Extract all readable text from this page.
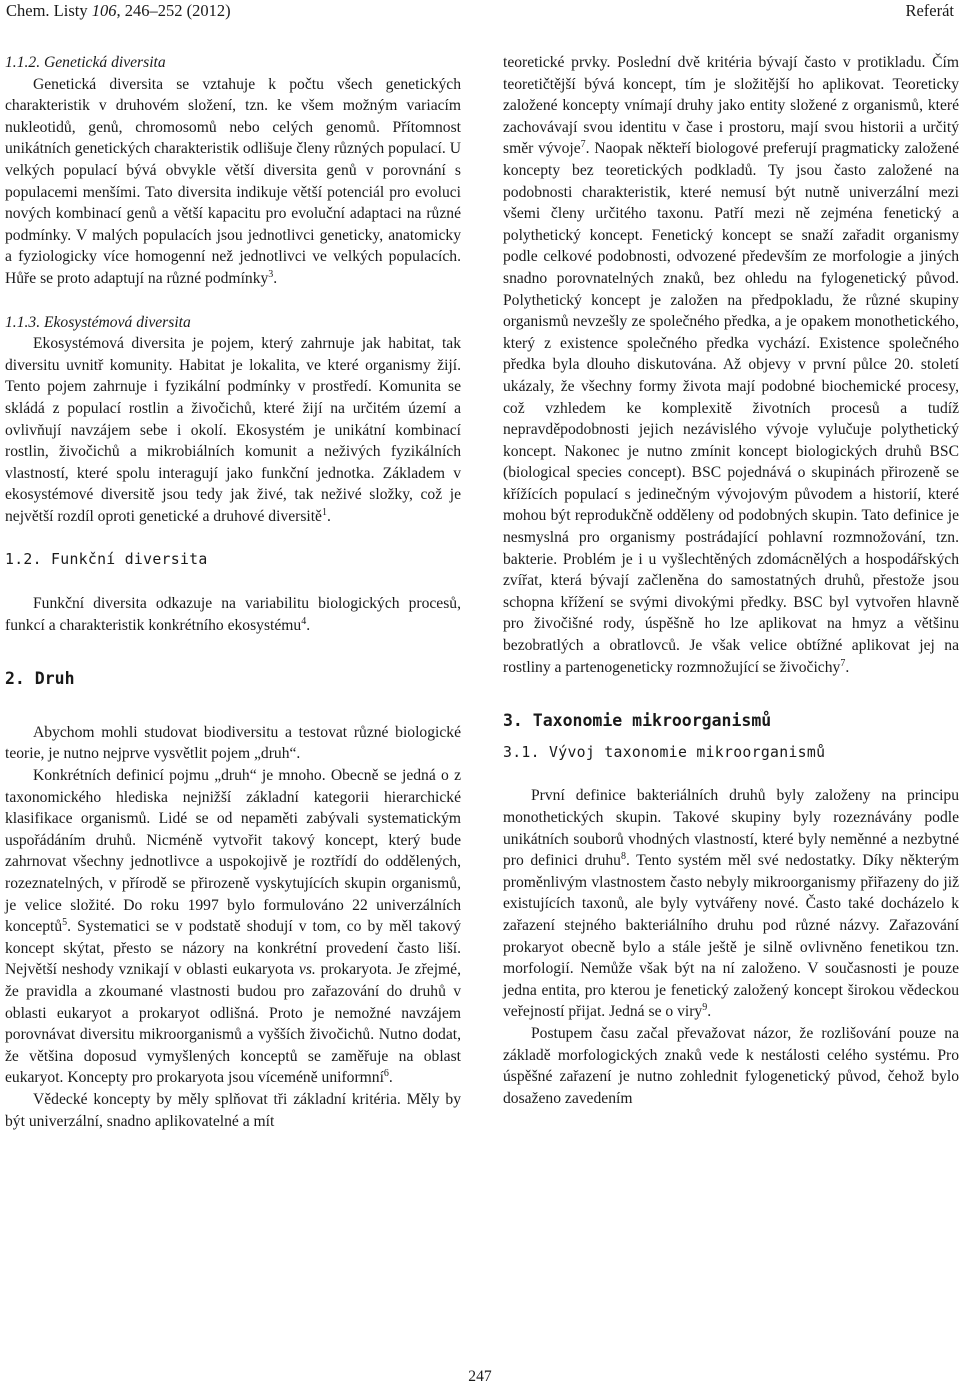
Chem. Listy 106, 246–252 (2012)	Referát

1.1.2. Genetická diversita

Genetická diversita se vztahuje k počtu všech genetických charakteristik v druhovém složení, tzn. ke všem možným variacím nukleotidů, genů, chromosomů nebo celých genomů. Přítomnost unikátních genetických charakteristik odlišuje členy různých populací. U velkých populací bývá obvykle větší diversita genů v porovnání s populacemi menšími. Tato diversita indikuje větší potenciál pro evoluci nových kombinací genů a větší kapacitu pro evoluční adaptaci na různé podmínky. V malých populacích jsou jednotlivci geneticky, anatomicky a fyziologicky více homogenní než jednotlivci ve velkých populacích. Hůře se proto adaptují na různé podmínky$^3$.

1.1.3. Ekosystémová diversita

Ekosystémová diversita je pojem, který zahrnuje jak habitat, tak diversitu uvnitř komunity. Habitat je lokalita, ve které organismy žijí. Tento pojem zahrnuje i fyzikální podmínky v prostředí. Komunita se skládá z populací rostlin a živočichů, které žijí na určitém území a ovlivňují navzájem sebe i okolí. Ekosystém je unikátní kombinací rostlin, živočichů a mikrobiálních komunit a neživých fyzikálních vlastností, které spolu interagují jako funkční jednotka. Základem v ekosystémové diversitě jsou tedy jak živé, tak neživé složky, což je největší rozdíl oproti genetické a druhové diversitě$^1$.

1.2. Funkční diversita

Funkční diversita odkazuje na variabilitu biologických procesů, funkcí a charakteristik konkrétního ekosystému$^4$.

2. Druh

Abychom mohli studovat biodiversitu a testovat různé biologické teorie, je nutno nejprve vysvětlit pojem „druh“.

Konkrétních definicí pojmu „druh“ je mnoho. Obecně se jedná o z taxonomického hlediska nejnižší základní kategorii hierarchické klasifikace organismů. Lidé se od nepaměti zabývali systematickým uspořádáním druhů. Nicméně vytvořit takový koncept, který bude zahrnovat všechny jednotlivce a uspokojivě je roztřídí do oddělených, rozeznatelných, v přírodě se přirozeně vyskytujících skupin organismů, je velice složité. Do roku 1997 bylo formulováno 22 univerzálních konceptů$^5$. Systematici se v podstatě shodují v tom, co by měl takový koncept skýtat, přesto se názory na konkrétní provedení často liší. Největší neshody vznikají v oblasti eukaryota vs. prokaryota. Je zřejmé, že pravidla a zkoumané vlastnosti budou pro zařazování do druhů v oblasti eukaryot a prokaryot odlišná. Proto je nemožné navzájem porovnávat diversitu mikroorganismů a vyšších živočichů. Nutno dodat, že většina doposud vymyšlených konceptů se zaměřuje na oblast eukaryot. Koncepty pro prokaryota jsou víceméně uniformní$^6$.

Vědecké koncepty by měly splňovat tři základní kritéria. Měly by být univerzální, snadno aplikovatelné a mít

teoretické prvky. Poslední dvě kritéria bývají často v protikladu. Čím teoretičtější bývá koncept, tím je složitější ho aplikovat. Teoreticky založené koncepty vnímají druhy jako entity složené z organismů, které zachovávají svou identitu v čase i prostoru, mají svou historii a určitý směr vývoje$^7$. Naopak někteří biologové preferují pragmaticky založené koncepty bez teoretických podkladů. Ty jsou často založené na podobnosti charakteristik, které nemusí být nutně univerzální mezi všemi členy určitého taxonu. Patří mezi ně zejména fenetický a polythetický koncept. Fenetický koncept se snaží zařadit organismy podle celkové podobnosti, odvozené především ze morfologie a jiných snadno porovnatelných znaků, bez ohledu na fylogenetický původ. Polythetický koncept je založen na předpokladu, že různé skupiny organismů nevzešly ze společného předka, a je opakem monothetického, který z existence společného předka vychází. Existence společného předka byla dlouho diskutována. Až objevy v první půlce 20. století ukázaly, že všechny formy života mají podobné biochemické procesy, což vzhledem ke komplexitě životních procesů a tudíž nepravděpodobnosti jejich nezávislého vývoje vylučuje polythetický koncept. Nakonec je nutno zmínit koncept biologických druhů BSC (biological species concept). BSC pojednává o skupinách přirozeně se křížících populací s jedinečným vývojovým původem a historií, které mohou být reprodukčně odděleny od podobných skupin. Tato definice je nesmyslná pro organismy postrádající pohlavní rozmnožování, tzn. bakterie. Problém je i u vyšlechtěných zdomácnělých a hospodářských zvířat, která bývají začleněna do samostatných druhů, přestože jsou schopna křížení se svými divokými předky. BSC byl vytvořen hlavně pro živočišné rody, úspěšně ho lze aplikovat na hmyz a většinu bezobratlých a obratlovců. Je však velice obtížné aplikovat jej na rostliny a partenogeneticky rozmnožující se živočichy$^7$.

3. Taxonomie mikroorganismů

3.1. Vývoj taxonomie mikroorganismů

První definice bakteriálních druhů byly založeny na principu monothetických skupin. Takové skupiny byly rozeznávány podle unikátních souborů vhodných vlastností, které byly neměnné a nezbytné pro definici druhu$^8$. Tento systém měl své nedostatky. Díky některým proměnlivým vlastnostem často nebyly mikroorganismy přiřazeny do již existujících taxonů, ale byly vytvářeny nové. Často také docházelo k zařazení stejného bakteriálního druhu pod různé názvy. Zařazování prokaryot obecně bylo a stále ještě je silně ovlivněno fenetikou tzn. morfologií. Nemůže však být na ní založeno. V současnosti je pouze jedna entita, pro kterou je fenetický založený koncept širokou vědeckou veřejností přijat. Jedná se o viry$^9$.

Postupem času začal převažovat názor, že rozlišování pouze na základě morfologických znaků vede k nestálosti celého systému. Pro úspěšné zařazení je nutno zohlednit fylogenetický původ, čehož bylo dosaženo zavedením

247
